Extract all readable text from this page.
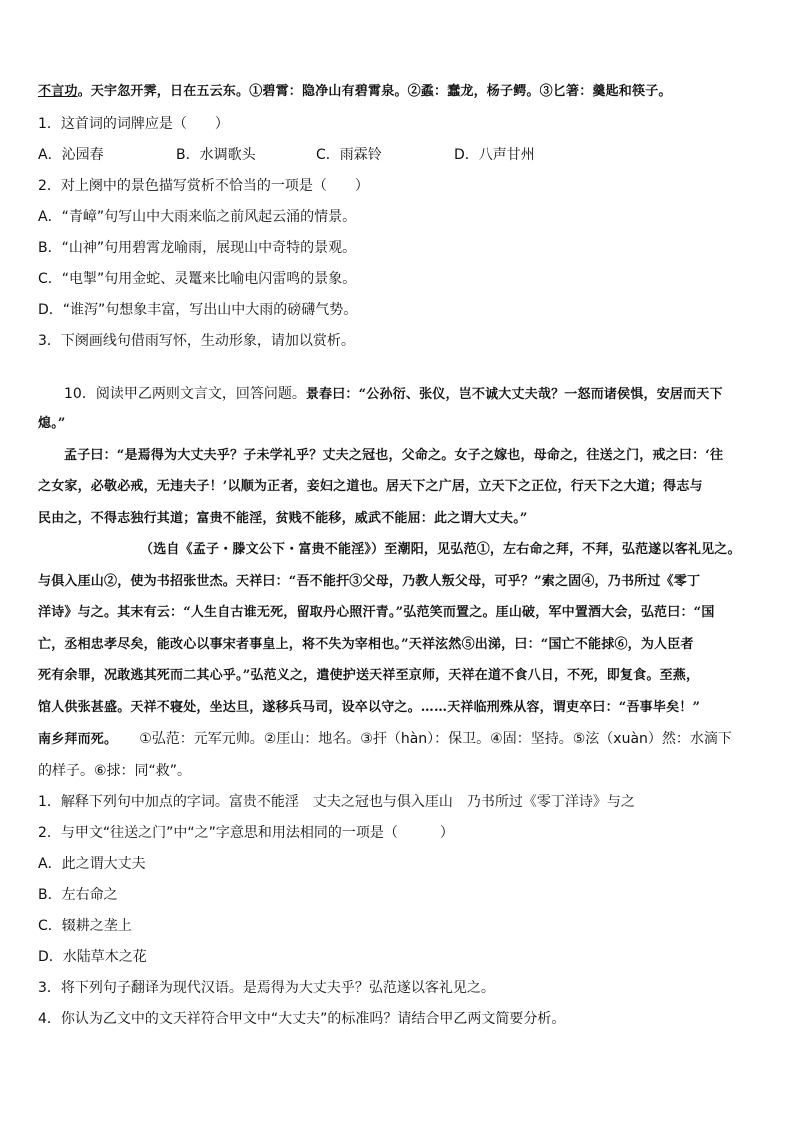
不言功。天宇忽开霁，日在五云东。①碧霄：隐净山有碧霄泉。②蟊：蠢龙，杨子鳄。③匕箸：羹匙和筷子。
1．这首词的词牌应是（　　）
A．沁园春	B．水调歌头	C．雨霖铃	D．八声甘州
2．对上阕中的景色描写赏析不恰当的一项是（　　）
A．“青嶂”句写山中大雨来临之前风起云涌的情景。
B．“山神”句用碧霄龙喻雨，展现山中奇特的景观。
C．“电掣”句用金蛇、灵鼍来比喻电闪雷鸣的景象。
D．“谁泻”句想象丰富，写出山中大雨的磅礴气势。
3．下阕画线句借雨写怀，生动形象，请加以赏析。
10．阅读甲乙两则文言文，回答问题。景春曰：“公孙衍、张仪，岂不诚大丈夫哉？一怒而诸侯惧，安居而天下
熄。”
孟子曰：“是焉得为大丈夫乎？子未学礼乎？丈夫之冠也，父命之。女子之嫁也，母命之，往送之门，戒之曰：‘往
之女家，必敬必戒，无违夫子！’以顺为正者，妾妇之道也。居天下之广居，立天下之正位，行天下之大道；得志与
民由之，不得志独行其道；富贵不能淫，贫贱不能移，威武不能屈：此之谓大丈夫。”
（选自《孟子・滕文公下・富贵不能淫》）至潮阳，见弘范①，左右命之拜，不拜，弘范遂以客礼见之。
与俱入厓山②，使为书招张世杰。天祥曰：“吾不能扞③父母，乃教人叛父母，可乎？”索之固④，乃书所过《零丁
洋诗》与之。其末有云：“人生自古谁无死，留取丹心照汗青。”弘范笑而置之。厓山破，军中置酒大会，弘范曰：“国
亡，丞相忠孝尽矣，能改心以事宋者事皇上，将不失为宰相也。”天祥泫然⑤出涕，曰：“国亡不能捄⑥，为人臣者
死有余罪，况敢逃其死而二其心乎。”弘范义之，遣使护送天祥至京师，天祥在道不食八日，不死，即复食。至燕，
馆人供张甚盛。天祥不寝处，坐达旦，遂移兵马司，设卒以守之。……天祥临刑殊从容，谓吏卒曰：“吾事毕矣！”
南乡拜而死。 ①弘范：元军元帅。②厓山：地名。③扞（hàn）：保卫。④固：坚持。⑤泫（xuàn）然：水滴下
的样子。⑥捄：同“救”。
1．解释下列句中加点的字词。富贵不能淫　丈夫之冠也与俱入厓山　乃书所过《零丁洋诗》与之
2．与甲文“往送之门”中“之”字意思和用法相同的一项是（　　　）
A．此之谓大丈夫
B．左右命之
C．辍耕之垄上
D．水陆草木之花
3．将下列句子翻译为现代汉语。是焉得为大丈夫乎？弘范遂以客礼见之。
4．你认为乙文中的文天祥符合甲文中“大丈夫”的标准吗？请结合甲乙两文简要分析。
